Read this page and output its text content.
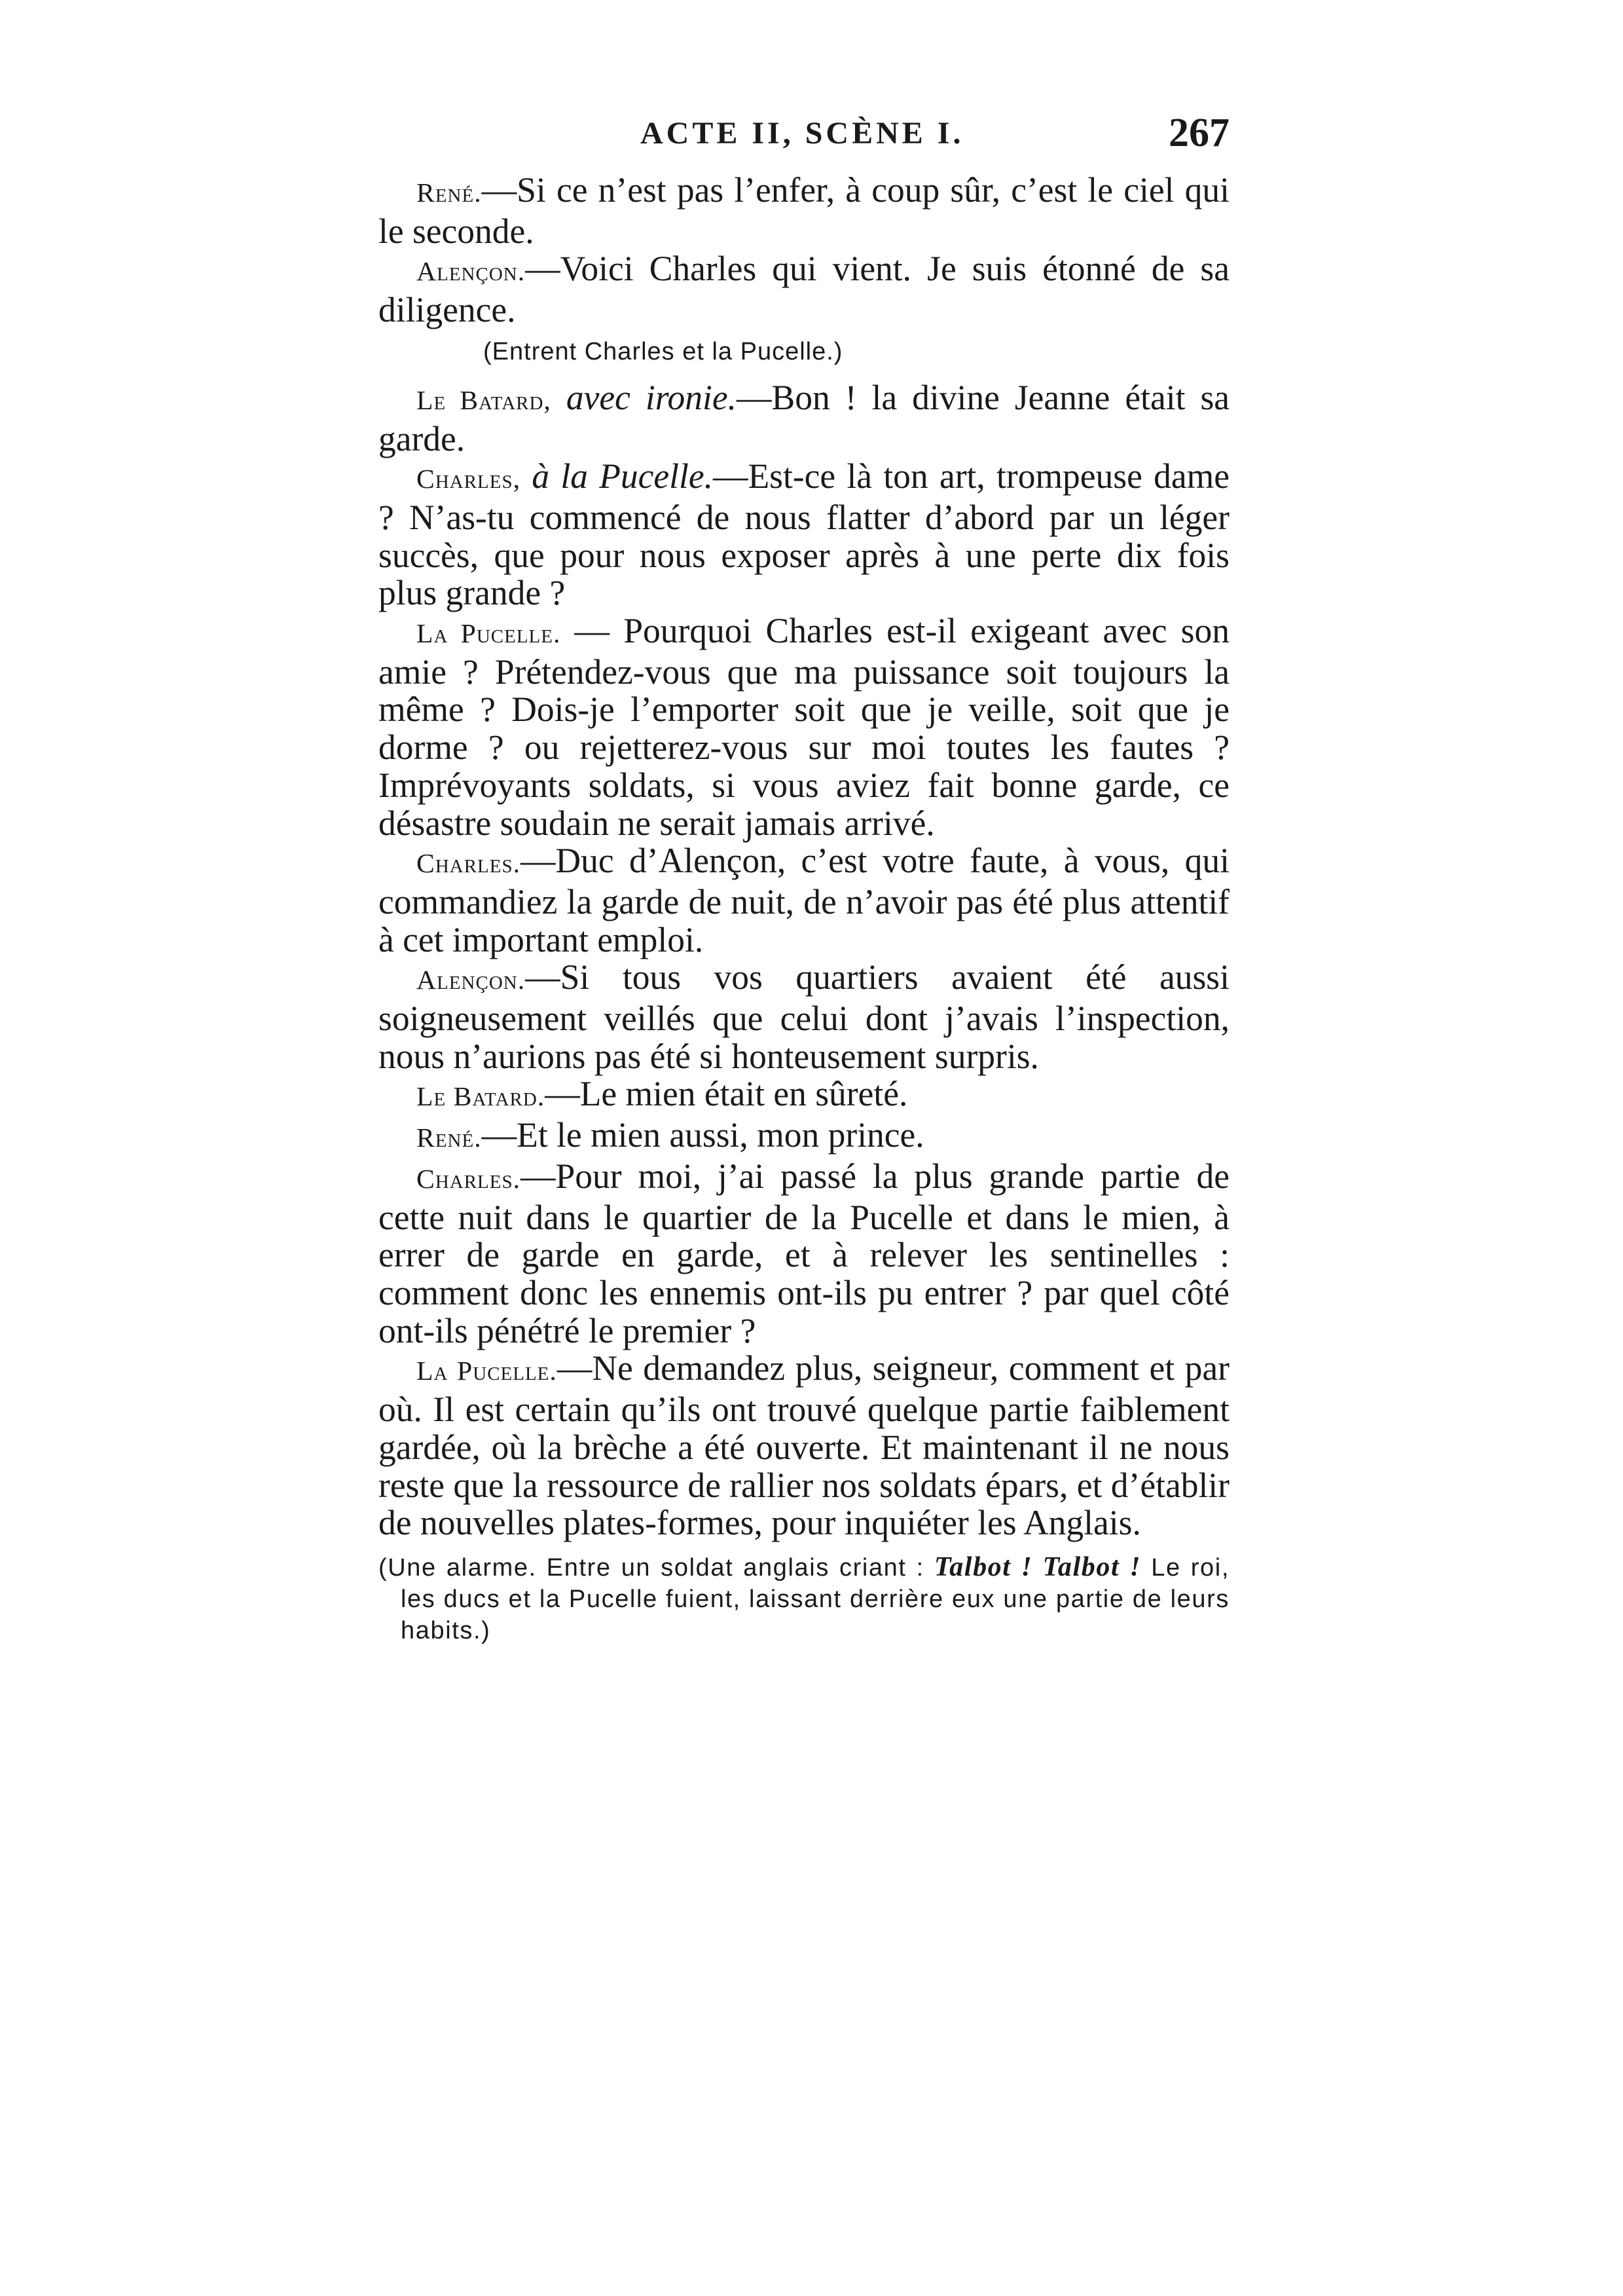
ACTE II, SCÈNE I.	267

René.—Si ce n’est pas l’enfer, à coup sûr, c’est le ciel qui le seconde.

Alençon.—Voici Charles qui vient. Je suis étonné de sa diligence.

(Entrent Charles et la Pucelle.)

Le Batard, avec ironie.—Bon ! la divine Jeanne était sa garde.

Charles, à la Pucelle.—Est-ce là ton art, trompeuse dame ? N’as-tu commencé de nous flatter d’abord par un léger succès, que pour nous exposer après à une perte dix fois plus grande ?

La Pucelle. — Pourquoi Charles est-il exigeant avec son amie ? Prétendez-vous que ma puissance soit toujours la même ? Dois-je l’emporter soit que je veille, soit que je dorme ? ou rejetterez-vous sur moi toutes les fautes ? Imprévoyants soldats, si vous aviez fait bonne garde, ce désastre soudain ne serait jamais arrivé.

Charles.—Duc d’Alençon, c’est votre faute, à vous, qui commandiez la garde de nuit, de n’avoir pas été plus attentif à cet important emploi.

Alençon.—Si tous vos quartiers avaient été aussi soigneusement veillés que celui dont j’avais l’inspection, nous n’aurions pas été si honteusement surpris.

Le Batard.—Le mien était en sûreté.

René.—Et le mien aussi, mon prince.

Charles.—Pour moi, j’ai passé la plus grande partie de cette nuit dans le quartier de la Pucelle et dans le mien, à errer de garde en garde, et à relever les sentinelles : comment donc les ennemis ont-ils pu entrer ? par quel côté ont-ils pénétré le premier ?

La Pucelle.—Ne demandez plus, seigneur, comment et par où. Il est certain qu’ils ont trouvé quelque partie faiblement gardée, où la brèche a été ouverte. Et maintenant il ne nous reste que la ressource de rallier nos soldats épars, et d’établir de nouvelles plates-formes, pour inquiéter les Anglais.

(Une alarme. Entre un soldat anglais criant : Talbot ! Talbot ! Le roi, les ducs et la Pucelle fuient, laissant derrière eux une partie de leurs habits.)
